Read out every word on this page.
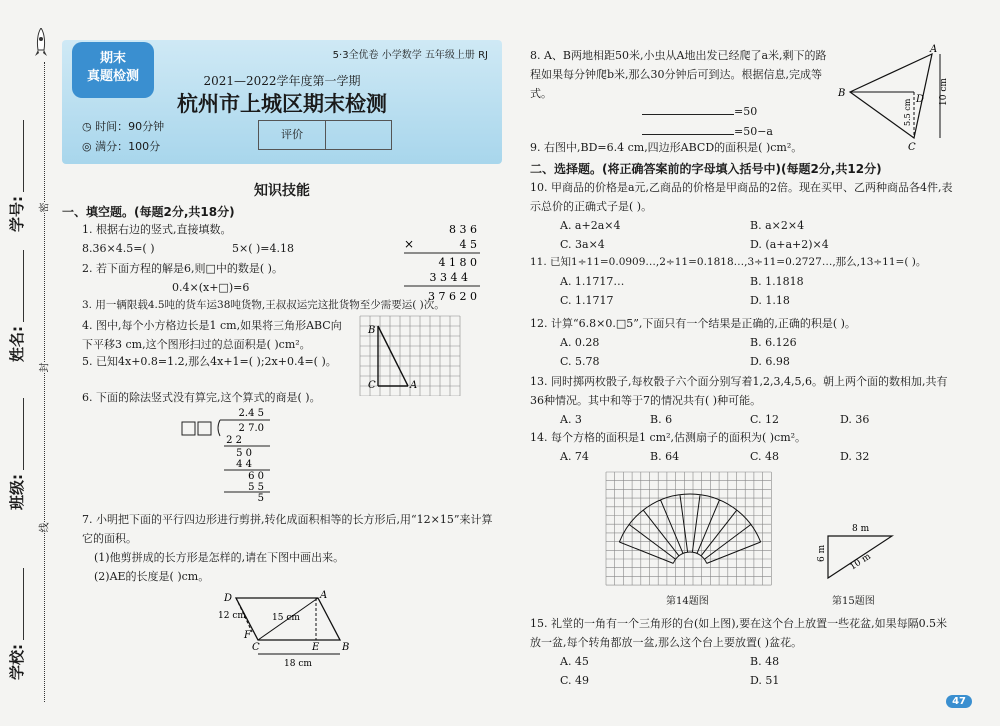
学号:
姓名:
班级:
学校:
密
封
线
期末
真题检测
5·3全优卷 小学数学 五年级上册 RJ
2021—2022学年度第一学期
杭州市上城区期末检测
◷ 时间：90分钟
◎ 满分：100分
评价
知识技能
一、填空题。(每题2分,共18分)
1. 根据右边的竖式,直接填数。
8.36×4.5=( )	5×( )=4.18
8 3 6
×	4 5
4 1 8 0
3 3 4 4
3 7 6 2 0
2. 若下面方程的解是6,则□中的数是( )。
0.4×(x+□)=6
3. 用一辆限载4.5吨的货车运38吨货物,王叔叔运完这批货物至少需要运( )次。
4. 图中,每个小方格边长是1 cm,如果将三角形ABC向下平移3 cm,这个图形扫过的总面积是( )cm²。
5. 已知4x+0.8=1.2,那么4x+1=( );2x+0.4=( )。
6. 下面的除法竖式没有算完,这个算式的商是( )。
B
C	A
2.4 5
2 7.0
2 2
5 0
4 4
6 0
5 5
5
7. 小明把下面的平行四边形进行剪拼,转化成面积相等的长方形后,用“12×15”来计算它的面积。
(1)他剪拼成的长方形是怎样的,请在下图中画出来。
(2)AE的长度是( )cm。
D	A
F
C	E B
15 cm
12 cm
18 cm
8. A、B两地相距50米,小虫从A地出发已经爬了a米,剩下的路程如果每分钟爬b米,那么30分钟后可到达。根据信息,完成等式。
=50
=50−a
A
B
C
D 10 cm
5.5 cm
9. 右图中,BD=6.4 cm,四边形ABCD的面积是( )cm²。
二、选择题。(将正确答案前的字母填入括号中)(每题2分,共12分)
10. 甲商品的价格是a元,乙商品的价格是甲商品的2倍。现在买甲、乙两种商品各4件,表示总价的正确式子是( )。
A. a+2a×4	B. a×2×4
C. 3a×4	D. (a+a+2)×4
11. 已知1÷11=0.0909…,2÷11=0.1818…,3÷11=0.2727…,那么,13÷11=( )。
A. 1.1717…	B. 1.1818
C. 1.1717	D. 1.18
12. 计算“6.8×0.□5”,下面只有一个结果是正确的,正确的积是( )。
A. 0.28	B. 6.126
C. 5.78	D. 6.98
13. 同时掷两枚骰子,每枚骰子六个面分别写着1,2,3,4,5,6。朝上两个面的数相加,共有36种情况。其中和等于7的情况共有( )种可能。
A. 3	B. 6	C. 12	D. 36
14. 每个方格的面积是1 cm²,估测扇子的面积为( )cm²。
A. 74	B. 64	C. 48	D. 32
第14题图
8 m
6 m 10 m
第15题图
15. 礼堂的一角有一个三角形的台(如上图),要在这个台上放置一些花盆,如果每隔0.5米放一盆,每个转角都放一盆,那么这个台上要放置( )盆花。
A. 45	B. 48
C. 49	D. 51
47
